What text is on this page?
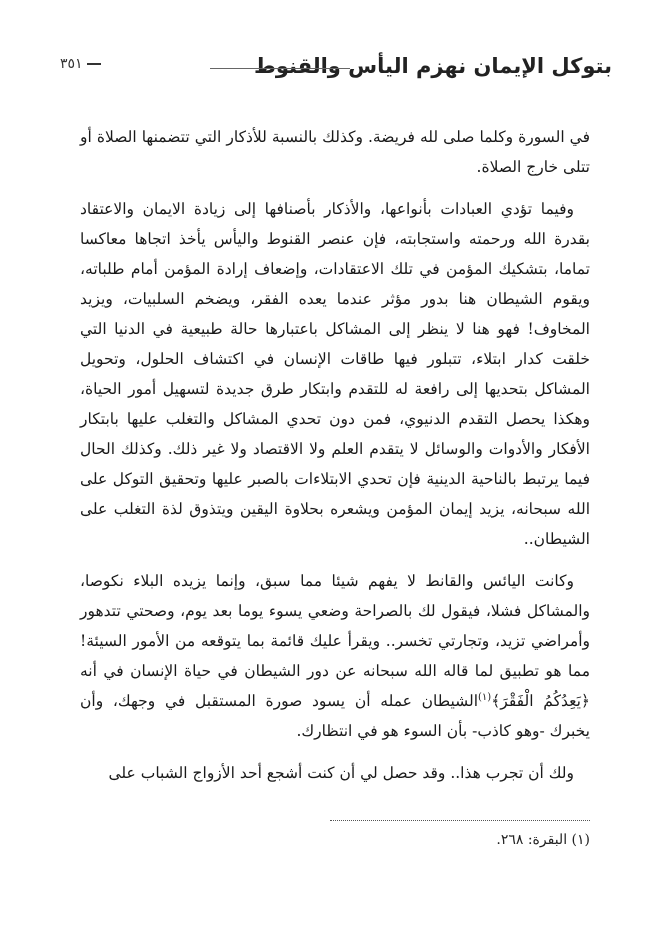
بتوكل الإيمان نهزم اليأس والقنوط
٣٥١

في السورة وكلما صلى لله فريضة. وكذلك بالنسبة للأذكار التي تتضمنها الصلاة أو تتلى خارج الصلاة.

وفيما تؤدي العبادات بأنواعها، والأذكار بأصنافها إلى زيادة الايمان والاعتقاد بقدرة الله ورحمته واستجابته، فإن عنصر القنوط واليأس يأخذ اتجاها معاكسا تماما، بتشكيك المؤمن في تلك الاعتقادات، وإضعاف إرادة المؤمن أمام طلباته، ويقوم الشيطان هنا بدور مؤثر عندما يعده الفقر، ويضخم السلبيات، ويزيد المخاوف! فهو هنا لا ينظر إلى المشاكل باعتبارها حالة طبيعية في الدنيا التي خلقت كدار ابتلاء، تتبلور فيها طاقات الإنسان في اكتشاف الحلول، وتحويل المشاكل بتحديها إلى رافعة له للتقدم وابتكار طرق جديدة لتسهيل أمور الحياة، وهكذا يحصل التقدم الدنيوي، فمن دون تحدي المشاكل والتغلب عليها بابتكار الأفكار والأدوات والوسائل لا يتقدم العلم ولا الاقتصاد ولا غير ذلك. وكذلك الحال فيما يرتبط بالناحية الدينية فإن تحدي الابتلاءات بالصبر عليها وتحقيق التوكل على الله سبحانه، يزيد إيمان المؤمن ويشعره بحلاوة اليقين ويتذوق لذة التغلب على الشيطان..

وكانت اليائس والقانط لا يفهم شيئا مما سبق، وإنما يزيده البلاء نكوصا، والمشاكل فشلا، فيقول لك بالصراحة وضعي يسوء يوما بعد يوم، وصحتي تتدهور وأمراضي تزيد، وتجارتي تخسر.. ويقرأ عليك قائمة بما يتوقعه من الأمور السيئة! مما هو تطبيق لما قاله الله سبحانه عن دور الشيطان في حياة الإنسان في أنه ﴿يَعِدُكُمُ الْفَقْرَ﴾$^{(١)}$الشيطان عمله أن يسود صورة المستقبل في وجهك، وأن يخبرك -وهو كاذب- بأن السوء هو في انتظارك.

ولك أن تجرب هذا.. وقد حصل لي أن كنت أشجع أحد الأزواج الشباب على

(١) البقرة: ٢٦٨.
